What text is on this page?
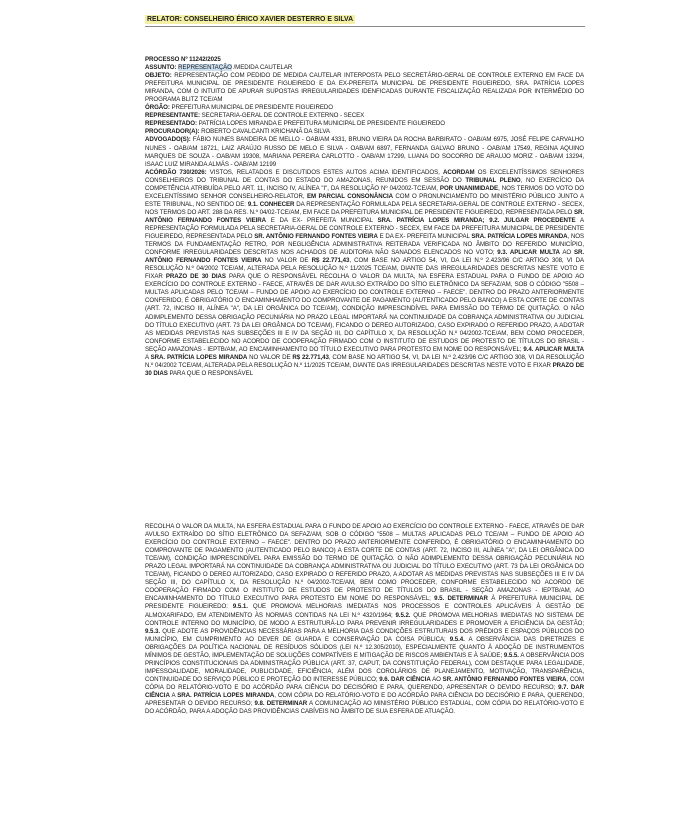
RELATOR: CONSELHEIRO ÉRICO XAVIER DESTERRO E SILVA
PROCESSO Nº 11242/2025
ASSUNTO: REPRESENTAÇÃO /MEDIDA CAUTELAR
OBJETO: REPRESENTAÇÃO COM PEDIDO DE MEDIDA CAUTELAR INTERPOSTA PELO SECRETÁRIO-GERAL DE CONTROLE EXTERNO EM FACE DA PREFEITURA MUNICIPAL DE PRESIDENTE FIGUEIREDO E DA EX-PREFEITA MUNICIPAL DE PRESIDENTE FIGUEIREDO, SRA. PATRÍCIA LOPES MIRANDA, COM O INTUITO DE APURAR SUPOSTAS IRREGULARIDADES IDENFICADAS DURANTE FISCALIZAÇÃO REALIZADA POR INTERMÉDIO DO PROGRAMA BLITZ TCE/AM
ÓRGÃO: PREFEITURA MUNICIPAL DE PRESIDENTE FIGUEIREDO
REPRESENTANTE: SECRETARIA-GERAL DE CONTROLE EXTERNO - SECEX
REPRESENTADO: PATRÍCIA LOPES MIRANDA E PREFEITURA MUNICIPAL DE PRESIDENTE FIGUEIREDO
PROCURADOR(A): ROBERTO CAVALCANTI KRICHANÃ DA SILVA
ADVOGADO(S): FÁBIO NUNES BANDEIRA DE MELLO - OAB/AM 4331, BRUNO VIEIRA DA ROCHA BARBIRATO - OAB/AM 6975, JOSÉ FELIPE CARVALHO NUNES - OAB/AM 18721, LAIZ ARAÚJO RUSSO DE MELO E SILVA - OAB/AM 6897, FERNANDA GALVAO BRUNO - OAB/AM 17549, REGINA AQUINO MARQUES DE SOUZA - OAB/AM 19308, MARIANA PEREIRA CARLOTTO - OAB/AM 17299, LUANA DO SOCORRO DE ARAUJO MORIZ - OAB/AM 13294, ISAAC LUIZ MIRANDA ALMÁS - OAB/AM 12199
ACÓRDÃO 730/2026: VISTOS, RELATADOS E DISCUTIDOS ESTES AUTOS ACIMA IDENTIFICADOS, ACORDAM OS EXCELENTÍSSIMOS SENHORES CONSELHEIROS DO TRIBUNAL DE CONTAS DO ESTADO DO AMAZONAS, REUNIDOS EM SESSÃO DO TRIBUNAL PLENO, NO EXERCÍCIO DA COMPETÊNCIA ATRIBUÍDA PELO ART. 11, INCISO IV, ALÍNEA "I", DA RESOLUÇÃO Nº 04/2002-TCE/AM, POR UNANIMIDADE, NOS TERMOS DO VOTO DO EXCELENTÍSSIMO SENHOR CONSELHEIRO-RELATOR, EM PARCIAL CONSONÂNCIA COM O PRONUNCIAMENTO DO MINISTÉRIO PÚBLICO JUNTO A ESTE TRIBUNAL, NO SENTIDO DE: 9.1. CONHECER DA REPRESENTAÇÃO FORMULADA PELA SECRETARIA-GERAL DE CONTROLE EXTERNO - SECEX, NOS TERMOS DO ART. 288 DA RES. N.º 04/02-TCE/AM, EM FACE DA PREFEITURA MUNICIPAL DE PRESIDENTE FIGUEIREDO, REPRESENTADA PELO SR. ANTÔNIO FERNANDO FONTES VIEIRA E DA EX- PREFEITA MUNICIPAL SRA. PATRÍCIA LOPES MIRANDA; 9.2. JULGAR PROCEDENTE A REPRESENTAÇÃO FORMULADA PELA SECRETARIA-GERAL DE CONTROLE EXTERNO - SECEX, EM FACE DA PREFEITURA MUNICIPAL DE PRESIDENTE FIGUEIREDO, REPRESENTADA PELO SR. ANTÔNIO FERNANDO FONTES VIEIRA E DA EX- PREFEITA MUNICIPAL SRA. PATRÍCIA LOPES MIRANDA, NOS TERMOS DA FUNDAMENTAÇÃO RETRO, POR NEGLIGÊNCIA ADMINISTRATIVA REITERADA VERIFICADA NO ÂMBITO DO REFERIDO MUNICÍPIO, CONFORME IRREGULARIDADES DESCRITAS NOS ACHADOS DE AUDITORIA NÃO SANADOS ELENCADOS NO VOTO; 9.3. APLICAR MULTA AO SR. ANTÔNIO FERNANDO FONTES VIEIRA NO VALOR DE R$ 22.771,43, COM BASE NO ARTIGO 54, VI, DA LEI N.º 2.423/96 C/C ARTIGO 308, VI DA RESOLUÇÃO N.º 04/2002 TCE/AM, ALTERADA PELA RESOLUÇÃO N.º 11/2025 TCE/AM, DIANTE DAS IRREGULARIDADES DESCRITAS NESTE VOTO E FIXAR PRAZO DE 30 DIAS PARA QUE O RESPONSÁVEL RECOLHA O VALOR DA MULTA, NA ESFERA ESTADUAL PARA O FUNDO DE APOIO AO EXERCÍCIO DO CONTROLE EXTERNO - FAECE, ATRAVÉS DE DAR AVULSO EXTRAÍDO DO SÍTIO ELETRÔNICO DA SEFAZ/AM, SOB O CÓDIGO "5508 – MULTAS APLICADAS PELO TCE/AM – FUNDO DE APOIO AO EXERCÍCIO DO CONTROLE EXTERNO – FAECE". DENTRO DO PRAZO ANTERIORMENTE CONFERIDO, É OBRIGATÓRIO O ENCAMINHAMENTO DO COMPROVANTE DE PAGAMENTO (AUTENTICADO PELO BANCO) A ESTA CORTE DE CONTAS (ART. 72, INCISO III, ALÍNEA "A", DA LEI ORGÂNICA DO TCE/AM), CONDIÇÃO IMPRESCINDÍVEL PARA EMISSÃO DO TERMO DE QUITAÇÃO. O NÃO ADIMPLEMENTO DESSA OBRIGAÇÃO PECUNIÁRIA NO PRAZO LEGAL IMPORTARÁ NA CONTINUIDADE DA COBRANÇA ADMINISTRATIVA OU JUDICIAL DO TÍTULO EXECUTIVO (ART. 73 DA LEI ORGÂNICA DO TCE/AM), FICANDO O DEREO AUTORIZADO, CASO EXPIRADO O REFERIDO PRAZO, A ADOTAR AS MEDIDAS PREVISTAS NAS SUBSEÇÕES III E IV DA SEÇÃO III, DO CAPÍTULO X, DA RESOLUÇÃO N.º 04/2002-TCE/AM, BEM COMO PROCEDER, CONFORME ESTABELECIDO NO ACORDO DE COOPERAÇÃO FIRMADO COM O INSTITUTO DE ESTUDOS DE PROTESTO DE TÍTULOS DO BRASIL - SEÇÃO AMAZONAS - IEPTB/AM, AO ENCAMINHAMENTO DO TÍTULO EXECUTIVO PARA PROTESTO EM NOME DO RESPONSÁVEL; 9.4. APLICAR MULTA A SRA. PATRÍCIA LOPES MIRANDA NO VALOR DE R$ 22.771,43, COM BASE NO ARTIGO 54, VI, DA LEI N.º 2.423/96 C/C ARTIGO 308, VI DA RESOLUÇÃO N.º 04/2002 TCE/AM, ALTERADA PELA RESOLUÇÃO N.º 11/2025 TCE/AM, DIANTE DAS IRREGULARIDADES DESCRITAS NESTE VOTO E FIXAR PRAZO DE 30 DIAS PARA QUE O RESPONSÁVEL
RECOLHA O VALOR DA MULTA, NA ESFERA ESTADUAL PARA O FUNDO DE APOIO AO EXERCÍCIO DO CONTROLE EXTERNO - FAECE, ATRAVÉS DE DAR AVULSO EXTRAÍDO DO SÍTIO ELETRÔNICO DA SEFAZ/AM, SOB O CÓDIGO "5508 – MULTAS APLICADAS PELO TCE/AM – FUNDO DE APOIO AO EXERCÍCIO DO CONTROLE EXTERNO – FAECE". DENTRO DO PRAZO ANTERIORMENTE CONFERIDO, É OBRIGATÓRIO O ENCAMINHAMENTO DO COMPROVANTE DE PAGAMENTO (AUTENTICADO PELO BANCO) A ESTA CORTE DE CONTAS (ART. 72, INCISO III, ALÍNEA "A", DA LEI ORGÂNICA DO TCE/AM), CONDIÇÃO IMPRESCINDÍVEL PARA EMISSÃO DO TERMO DE QUITAÇÃO. O NÃO ADIMPLEMENTO DESSA OBRIGAÇÃO PECUNIÁRIA NO PRAZO LEGAL IMPORTARÁ NA CONTINUIDADE DA COBRANÇA ADMINISTRATIVA OU JUDICIAL DO TÍTULO EXECUTIVO (ART. 73 DA LEI ORGÂNICA DO TCE/AM), FICANDO O DEREO AUTORIZADO, CASO EXPIRADO O REFERIDO PRAZO, A ADOTAR AS MEDIDAS PREVISTAS NAS SUBSEÇÕES III E IV DA SEÇÃO III, DO CAPÍTULO X, DA RESOLUÇÃO N.º 04/2002-TCE/AM, BEM COMO PROCEDER, CONFORME ESTABELECIDO NO ACORDO DE COOPERAÇÃO FIRMADO COM O INSTITUTO DE ESTUDOS DE PROTESTO DE TÍTULOS DO BRASIL - SEÇÃO AMAZONAS - IEPTB/AM, AO ENCAMINHAMENTO DO TÍTULO EXECUTIVO PARA PROTESTO EM NOME DO RESPONSÁVEL; 9.5. DETERMINAR À PREFEITURA MUNICIPAL DE PRESIDENTE FIGUEIREDO: 9.5.1. QUE PROMOVA MELHORIAS IMEDIATAS NOS PROCESSOS E CONTROLES APLICÁVEIS À GESTÃO DE ALMOXARIFADO, EM ATENDIMENTO ÀS NORMAS CONTIDAS NA LEI N.º 4320/1964; 9.5.2. QUE PROMOVA MELHORIAS IMEDIATAS NO SISTEMA DE CONTROLE INTERNO DO MUNICÍPIO, DE MODO A ESTRUTURÁ-LO PARA PREVENIR IRREGULARIDADES E PROMOVER A EFICIÊNCIA DA GESTÃO; 9.5.3. QUE ADOTE AS PROVIDÊNCIAS NECESSÁRIAS PARA A MELHORIA DAS CONDIÇÕES ESTRUTURAIS DOS PRÉDIOS E ESPAÇOS PÚBLICOS DO MUNICÍPIO, EM CUMPRIMENTO AO DEVER DE GUARDA E CONSERVAÇÃO DA COISA PÚBLICA; 9.5.4. A OBSERVÂNCIA DAS DIRETRIZES E OBRIGAÇÕES DA POLÍTICA NACIONAL DE RESÍDUOS SÓLIDOS (LEI N.º 12.305/2010), ESPECIALMENTE QUANTO À ADOÇÃO DE INSTRUMENTOS MÍNIMOS DE GESTÃO, IMPLEMENTAÇÃO DE SOLUÇÕES COMPATÍVEIS E MITIGAÇÃO DE RISCOS AMBIENTAIS E À SAÚDE; 9.5.5. A OBSERVÂNCIA DOS PRINCÍPIOS CONSTITUCIONAIS DA ADMINISTRAÇÃO PÚBLICA (ART. 37, CAPUT, DA CONSTITUIÇÃO FEDERAL), COM DESTAQUE PARA LEGALIDADE, IMPESSOALIDADE, MORALIDADE, PUBLICIDADE, EFICIÊNCIA, ALÉM DOS COROLÁRIOS DE PLANEJAMENTO, MOTIVAÇÃO, TRANSPARÊNCIA, CONTINUIDADE DO SERVIÇO PÚBLICO E PROTEÇÃO DO INTERESSE PÚBLICO; 9.6. DAR CIÊNCIA AO SR. ANTÔNIO FERNANDO FONTES VIEIRA, COM CÓPIA DO RELATÓRIO-VOTO E DO ACÓRDÃO PARA CIÊNCIA DO DECISÓRIO E PARA, QUERENDO, APRESENTAR O DEVIDO RECURSO; 9.7. DAR CIÊNCIA A SRA. PATRÍCIA LOPES MIRANDA, COM CÓPIA DO RELATÓRIO-VOTO E DO ACÓRDÃO PARA CIÊNCIA DO DECISÓRIO E PARA, QUERENDO, APRESENTAR O DEVIDO RECURSO; 9.8. DETERMINAR A COMUNICAÇÃO AO MINISTÉRIO PÚBLICO ESTADUAL, COM CÓPIA DO RELATÓRIO-VOTO E DO ACÓRDÃO, PARA A ADOÇÃO DAS PROVIDÊNCIAS CABÍVEIS NO ÂMBITO DE SUA ESFERA DE ATUAÇÃO.
